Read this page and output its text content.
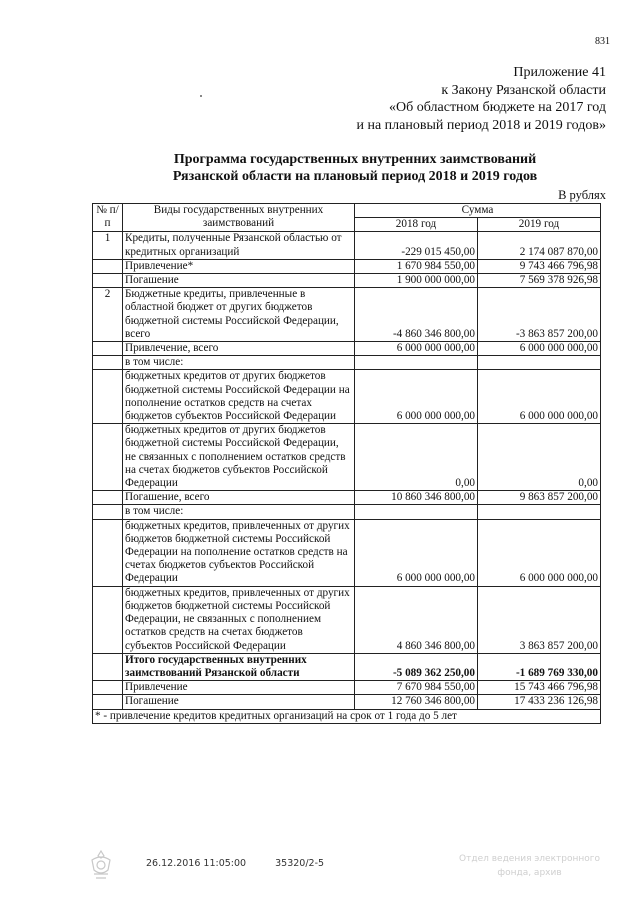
831
Приложение 41
к Закону Рязанской области
«Об областном бюджете на 2017 год
и на плановый период 2018 и 2019 годов»
Программа государственных внутренних заимствований
Рязанской области на плановый период 2018 и 2019 годов
В рублях
№ п/п	Виды государственных внутренних заимствований	Сумма	
		2018 год	2019 год
1	Кредиты, полученные Рязанской областью от кредитных организаций	-229 015 450,00	2 174 087 870,00
	Привлечение*	1 670 984 550,00	9 743 466 796,98
	Погашение	1 900 000 000,00	7 569 378 926,98
2	Бюджетные кредиты, привлеченные в областной бюджет от других бюджетов бюджетной системы Российской Федерации, всего	-4 860 346 800,00	-3 863 857 200,00
	Привлечение, всего	6 000 000 000,00	6 000 000 000,00
	в том числе:		
	бюджетных кредитов от других бюджетов бюджетной системы Российской Федерации на пополнение остатков средств на счетах бюджетов субъектов Российской Федерации	6 000 000 000,00	6 000 000 000,00
	бюджетных кредитов от других бюджетов бюджетной системы Российской Федерации, не связанных с пополнением остатков средств на счетах бюджетов субъектов Российской Федерации	0,00	0,00
	Погашение, всего	10 860 346 800,00	9 863 857 200,00
	в том числе:		
	бюджетных кредитов, привлеченных от других бюджетов бюджетной системы Российской Федерации на пополнение остатков средств на счетах бюджетов субъектов Российской Федерации	6 000 000 000,00	6 000 000 000,00
	бюджетных кредитов, привлеченных от других бюджетов бюджетной системы Российской Федерации, не связанных с пополнением остатков средств на счетах бюджетов субъектов Российской Федерации	4 860 346 800,00	3 863 857 200,00
	Итого государственных внутренних заимствований Рязанской области	-5 089 362 250,00	-1 689 769 330,00
	Привлечение	7 670 984 550,00	15 743 466 796,98
	Погашение	12 760 346 800,00	17 433 236 126,98
* - привлечение кредитов кредитных организаций на срок от 1 года до 5 лет			
26.12.2016 11:05:00	35320/2-5	Отдел ведения электронного
фонда, архив
